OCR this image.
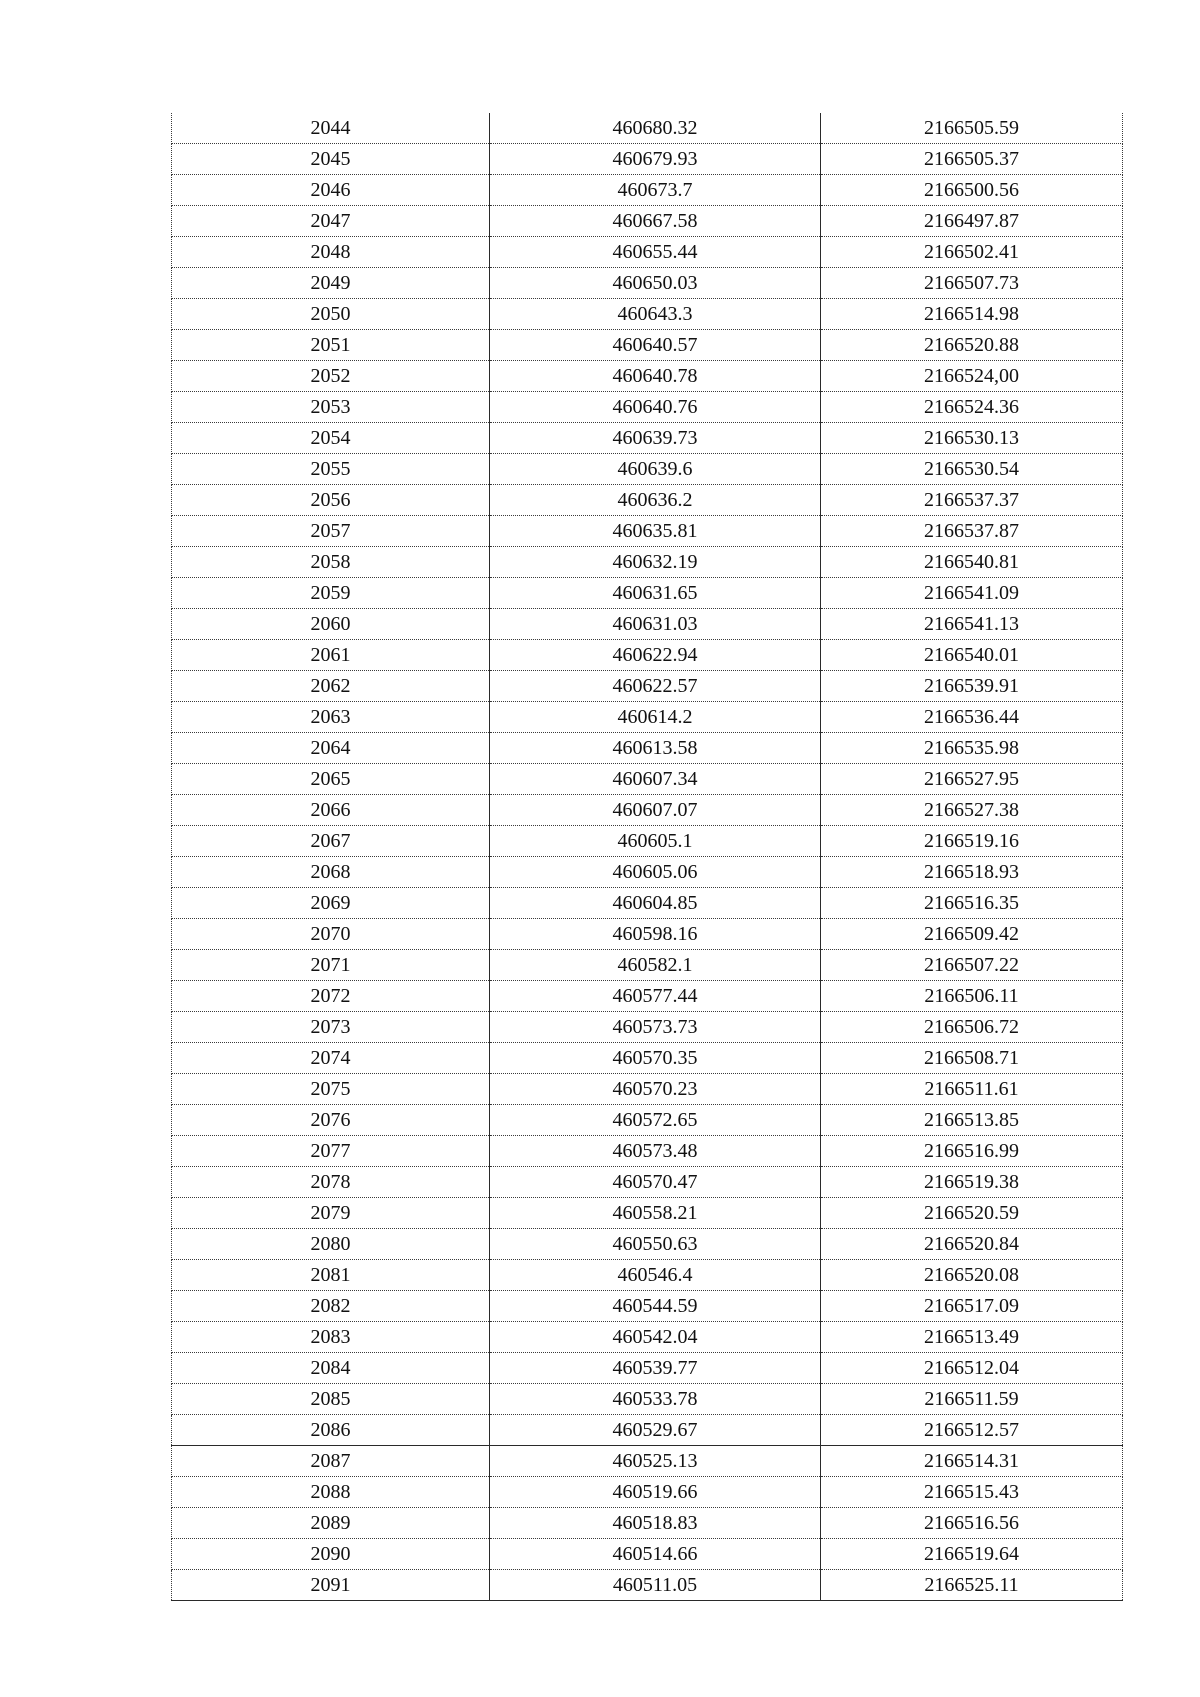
2044	460680.32	2166505.59
2045	460679.93	2166505.37
2046	460673.7	2166500.56
2047	460667.58	2166497.87
2048	460655.44	2166502.41
2049	460650.03	2166507.73
2050	460643.3	2166514.98
2051	460640.57	2166520.88
2052	460640.78	2166524,00
2053	460640.76	2166524.36
2054	460639.73	2166530.13
2055	460639.6	2166530.54
2056	460636.2	2166537.37
2057	460635.81	2166537.87
2058	460632.19	2166540.81
2059	460631.65	2166541.09
2060	460631.03	2166541.13
2061	460622.94	2166540.01
2062	460622.57	2166539.91
2063	460614.2	2166536.44
2064	460613.58	2166535.98
2065	460607.34	2166527.95
2066	460607.07	2166527.38
2067	460605.1	2166519.16
2068	460605.06	2166518.93
2069	460604.85	2166516.35
2070	460598.16	2166509.42
2071	460582.1	2166507.22
2072	460577.44	2166506.11
2073	460573.73	2166506.72
2074	460570.35	2166508.71
2075	460570.23	2166511.61
2076	460572.65	2166513.85
2077	460573.48	2166516.99
2078	460570.47	2166519.38
2079	460558.21	2166520.59
2080	460550.63	2166520.84
2081	460546.4	2166520.08
2082	460544.59	2166517.09
2083	460542.04	2166513.49
2084	460539.77	2166512.04
2085	460533.78	2166511.59
2086	460529.67	2166512.57
2087	460525.13	2166514.31
2088	460519.66	2166515.43
2089	460518.83	2166516.56
2090	460514.66	2166519.64
2091	460511.05	2166525.11
